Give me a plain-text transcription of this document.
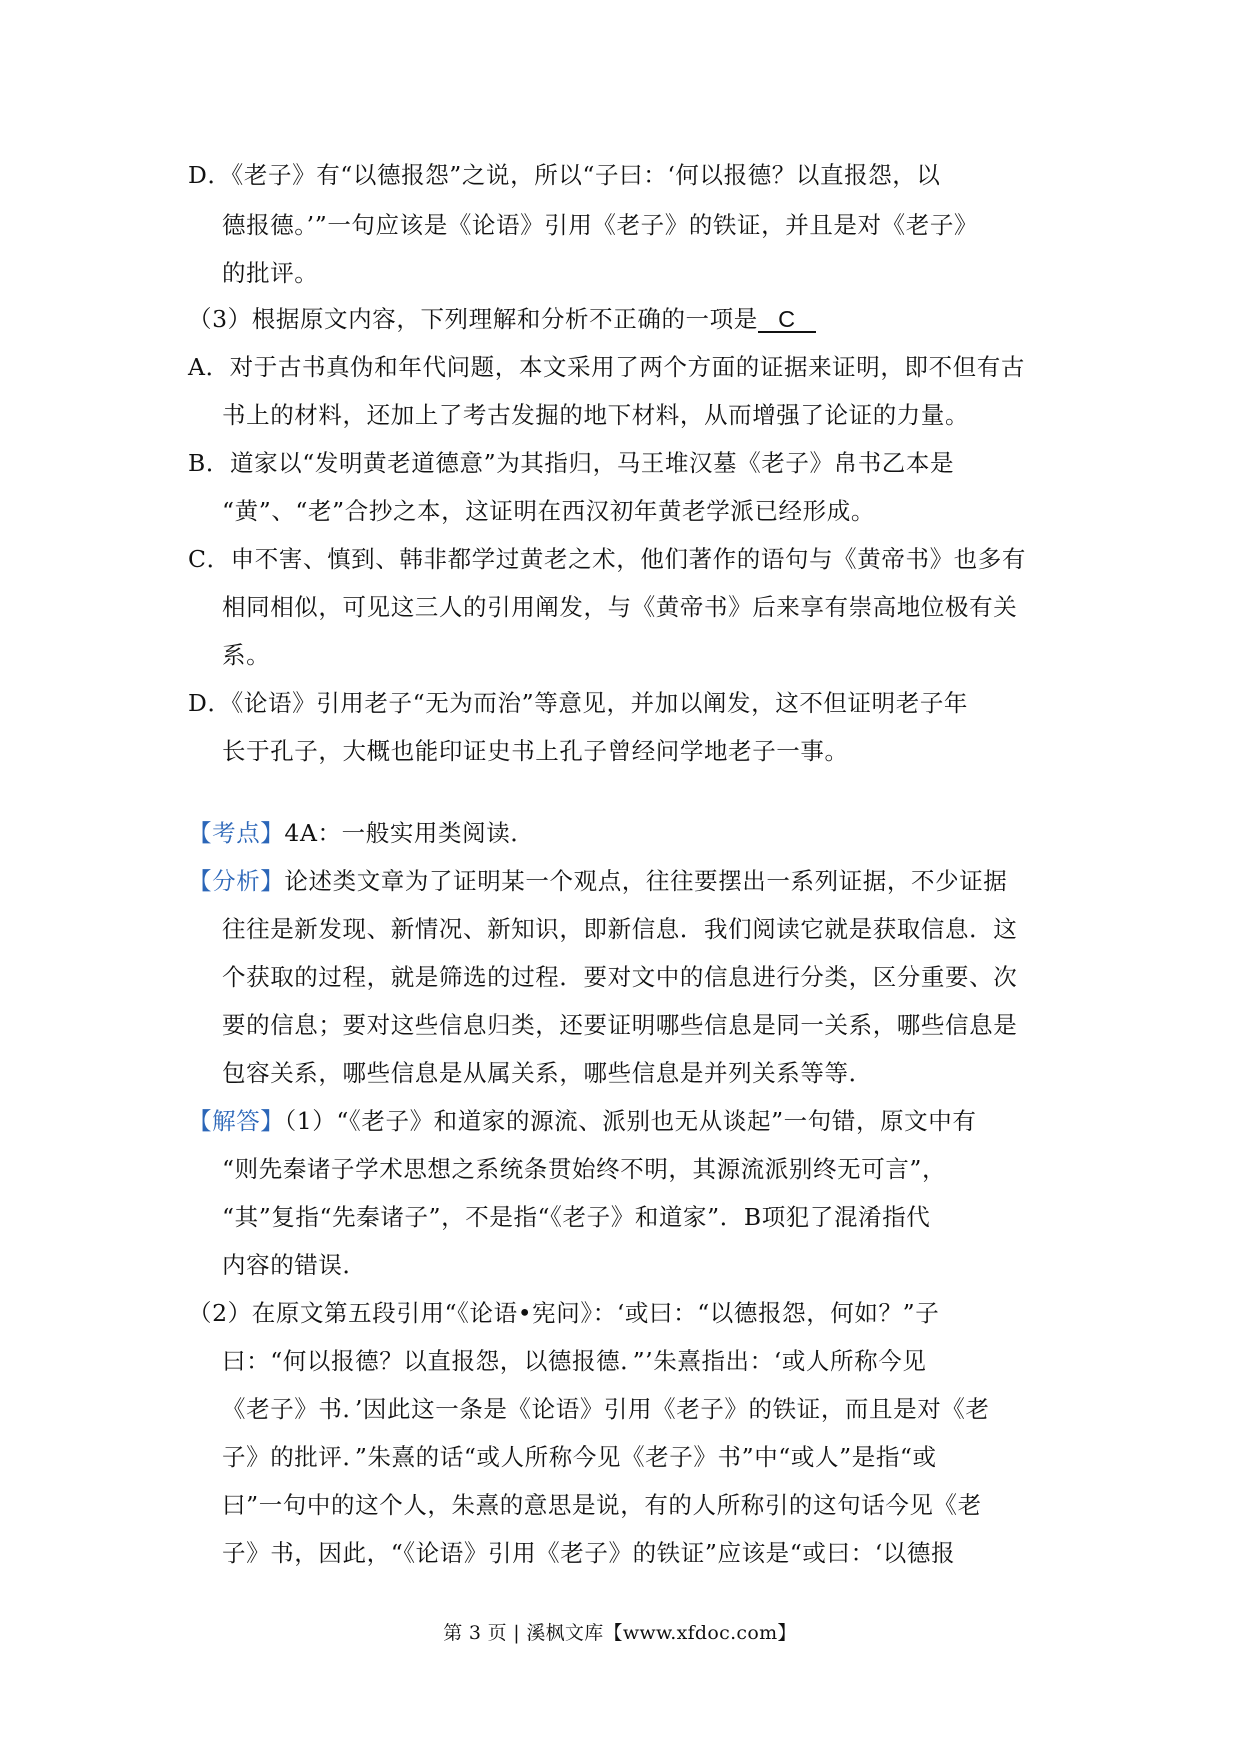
D．《老子》有“以德报怨”之说，所以“子曰：‘何以报德？以直报怨，以
德报德。’”一句应该是《论语》引用《老子》的铁证，并且是对《老子》
的批评。
（3）根据原文内容，下列理解和分析不正确的一项是 C
A．对于古书真伪和年代问题，本文采用了两个方面的证据来证明，即不但有古
书上的材料，还加上了考古发掘的地下材料，从而增强了论证的力量。
B．道家以“发明黄老道德意”为其指归，马王堆汉墓《老子》帛书乙本是
“黄”、“老”合抄之本，这证明在西汉初年黄老学派已经形成。
C．申不害、慎到、韩非都学过黄老之术，他们著作的语句与《黄帝书》也多有
相同相似，可见这三人的引用阐发，与《黄帝书》后来享有崇高地位极有关
系。
D．《论语》引用老子“无为而治”等意见，并加以阐发，这不但证明老子年
长于孔子，大概也能印证史书上孔子曾经问学地老子一事。
【考点】4A：一般实用类阅读．
【分析】论述类文章为了证明某一个观点，往往要摆出一系列证据，不少证据
往往是新发现、新情况、新知识，即新信息．我们阅读它就是获取信息．这
个获取的过程，就是筛选的过程．要对文中的信息进行分类，区分重要、次
要的信息；要对这些信息归类，还要证明哪些信息是同一关系，哪些信息是
包容关系，哪些信息是从属关系，哪些信息是并列关系等等．
【解答】（1）“《老子》和道家的源流、派别也无从谈起”一句错，原文中有
“则先秦诸子学术思想之系统条贯始终不明，其源流派别终无可言”，
“其”复指“先秦诸子”，不是指“《老子》和道家”．B项犯了混淆指代
内容的错误．
（2）在原文第五段引用“《论语•宪问》：‘或曰：“以德报怨，何如？”子
曰：“何以报德？以直报怨，以德报德．”’朱熹指出：‘或人所称今见
《老子》书．’因此这一条是《论语》引用《老子》的铁证，而且是对《老
子》的批评．”朱熹的话“或人所称今见《老子》书”中“或人”是指“或
曰”一句中的这个人，朱熹的意思是说，有的人所称引的这句话今见《老
子》书，因此，“《论语》引用《老子》的铁证”应该是“或曰：‘以德报
第 3 页 | 溪枫文库【www.xfdoc.com】
